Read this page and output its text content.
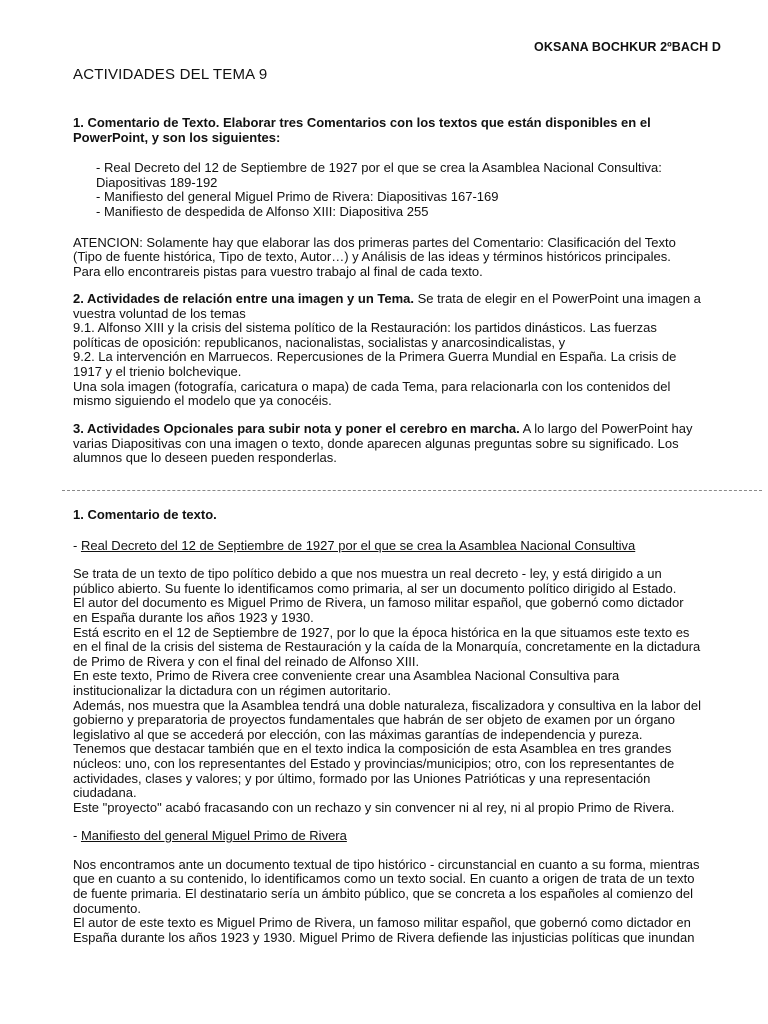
OKSANA BOCHKUR 2ºBACH D
ACTIVIDADES DEL TEMA 9

1. Comentario de Texto. Elaborar tres Comentarios con los textos que están disponibles en el PowerPoint, y son los siguientes:

- Real Decreto del 12 de Septiembre de 1927 por el que se crea la Asamblea Nacional Consultiva: Diapositivas 189-192
- Manifiesto del general Miguel Primo de Rivera: Diapositivas 167-169
- Manifiesto de despedida de Alfonso XIII: Diapositiva 255

ATENCION: Solamente hay que elaborar las dos primeras partes del Comentario: Clasificación del Texto (Tipo de fuente histórica, Tipo de texto, Autor…) y Análisis de las ideas y términos históricos principales. Para ello encontrareis pistas para vuestro trabajo al final de cada texto.

2. Actividades de relación entre una imagen y un Tema. Se trata de elegir en el PowerPoint una imagen a vuestra voluntad de los temas

9.1. Alfonso XIII y la crisis del sistema político de la Restauración: los partidos dinásticos. Las fuerzas políticas de oposición: republicanos, nacionalistas, socialistas y anarcosindicalistas, y

9.2. La intervención en Marruecos. Repercusiones de la Primera Guerra Mundial en España. La crisis de 1917 y el trienio bolchevique.

Una sola imagen (fotografía, caricatura o mapa) de cada Tema, para relacionarla con los contenidos del mismo siguiendo el modelo que ya conocéis.

3. Actividades Opcionales para subir nota y poner el cerebro en marcha. A lo largo del PowerPoint hay varias Diapositivas con una imagen o texto, donde aparecen algunas preguntas sobre su significado. Los alumnos que lo deseen pueden responderlas.

1. Comentario de texto.

- Real Decreto del 12 de Septiembre de 1927 por el que se crea la Asamblea Nacional Consultiva

Se trata de un texto de tipo político debido a que nos muestra un real decreto - ley, y está dirigido a un público abierto. Su fuente lo identificamos como primaria, al ser un documento político dirigido al Estado.

El autor del documento es Miguel Primo de Rivera, un famoso militar español, que gobernó como dictador en España durante los años 1923 y 1930.

Está escrito en el 12 de Septiembre de 1927, por lo que la época histórica en la que situamos este texto es en el final de la crisis del sistema de Restauración y la caída de la Monarquía, concretamente en la dictadura de Primo de Rivera y con el final del reinado de Alfonso XIII.

En este texto, Primo de Rivera cree conveniente crear una Asamblea Nacional Consultiva para institucionalizar la dictadura con un régimen autoritario.

Además, nos muestra que la Asamblea tendrá una doble naturaleza, fiscalizadora y consultiva en la labor del gobierno y preparatoria de proyectos fundamentales que habrán de ser objeto de examen por un órgano legislativo al que se accederá por elección, con las máximas garantías de independencia y pureza.

Tenemos que destacar también que en el texto indica la composición de esta Asamblea en tres grandes núcleos: uno, con los representantes del Estado y provincias/municipios; otro, con los representantes de actividades, clases y valores; y por último, formado por las Uniones Patrióticas y una representación ciudadana.

Este "proyecto" acabó fracasando con un rechazo y sin convencer ni al rey, ni al propio Primo de Rivera.

- Manifiesto del general Miguel Primo de Rivera

Nos encontramos ante un documento textual de tipo histórico - circunstancial en cuanto a su forma, mientras que en cuanto a su contenido, lo identificamos como un texto social. En cuanto a origen de trata de un texto de fuente primaria. El destinatario sería un ámbito público, que se concreta a los españoles al comienzo del documento.

El autor de este texto es Miguel Primo de Rivera, un famoso militar español, que gobernó como dictador en España durante los años 1923 y 1930. Miguel Primo de Rivera defiende las injusticias políticas que inundan
